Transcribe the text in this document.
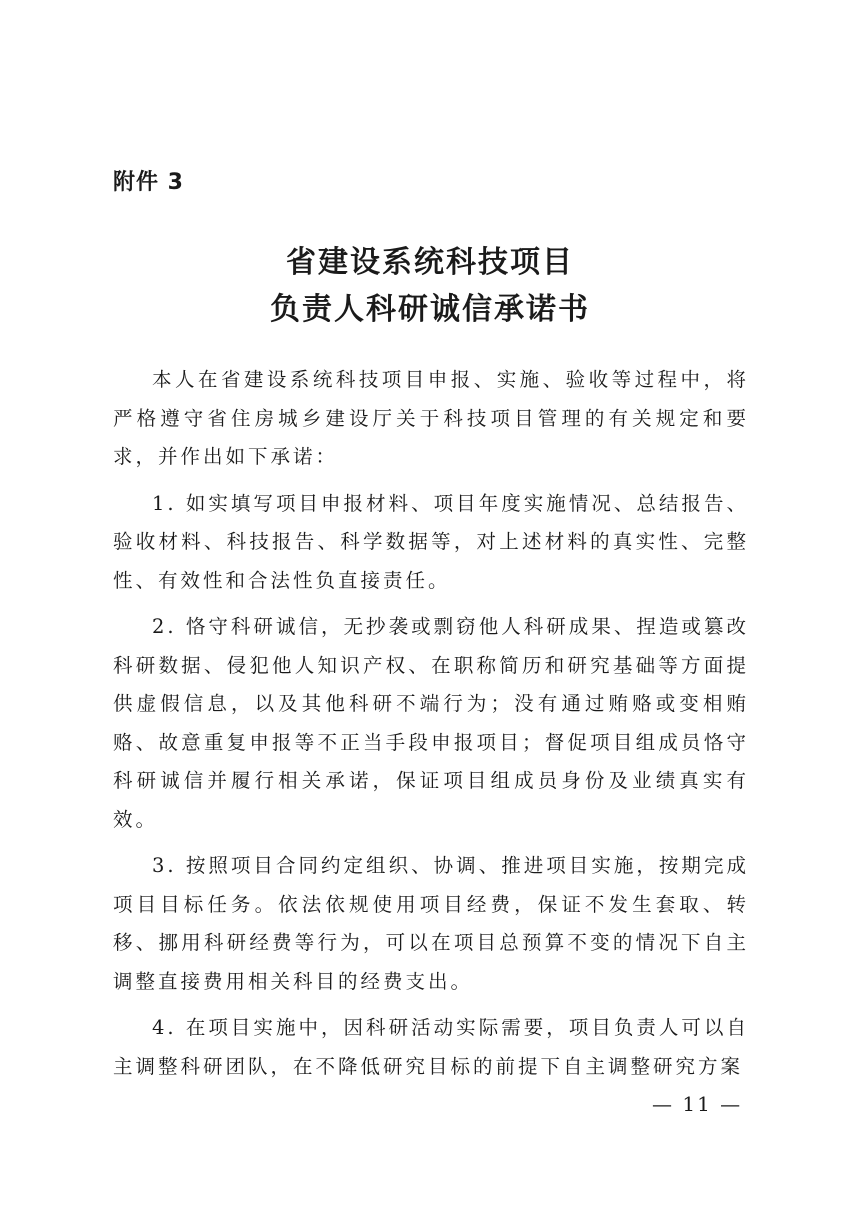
附件 3
省建设系统科技项目
负责人科研诚信承诺书

本人在省建设系统科技项目申报、实施、验收等过程中，将严格遵守省住房城乡建设厅关于科技项目管理的有关规定和要求，并作出如下承诺：

1. 如实填写项目申报材料、项目年度实施情况、总结报告、验收材料、科技报告、科学数据等，对上述材料的真实性、完整性、有效性和合法性负直接责任。

2. 恪守科研诚信，无抄袭或剽窃他人科研成果、捏造或篡改科研数据、侵犯他人知识产权、在职称简历和研究基础等方面提供虚假信息，以及其他科研不端行为；没有通过贿赂或变相贿赂、故意重复申报等不正当手段申报项目；督促项目组成员恪守科研诚信并履行相关承诺，保证项目组成员身份及业绩真实有效。

3. 按照项目合同约定组织、协调、推进项目实施，按期完成项目目标任务。依法依规使用项目经费，保证不发生套取、转移、挪用科研经费等行为，可以在项目总预算不变的情况下自主调整直接费用相关科目的经费支出。

4. 在项目实施中，因科研活动实际需要，项目负责人可以自主调整科研团队，在不降低研究目标的前提下自主调整研究方案

— 11 —
